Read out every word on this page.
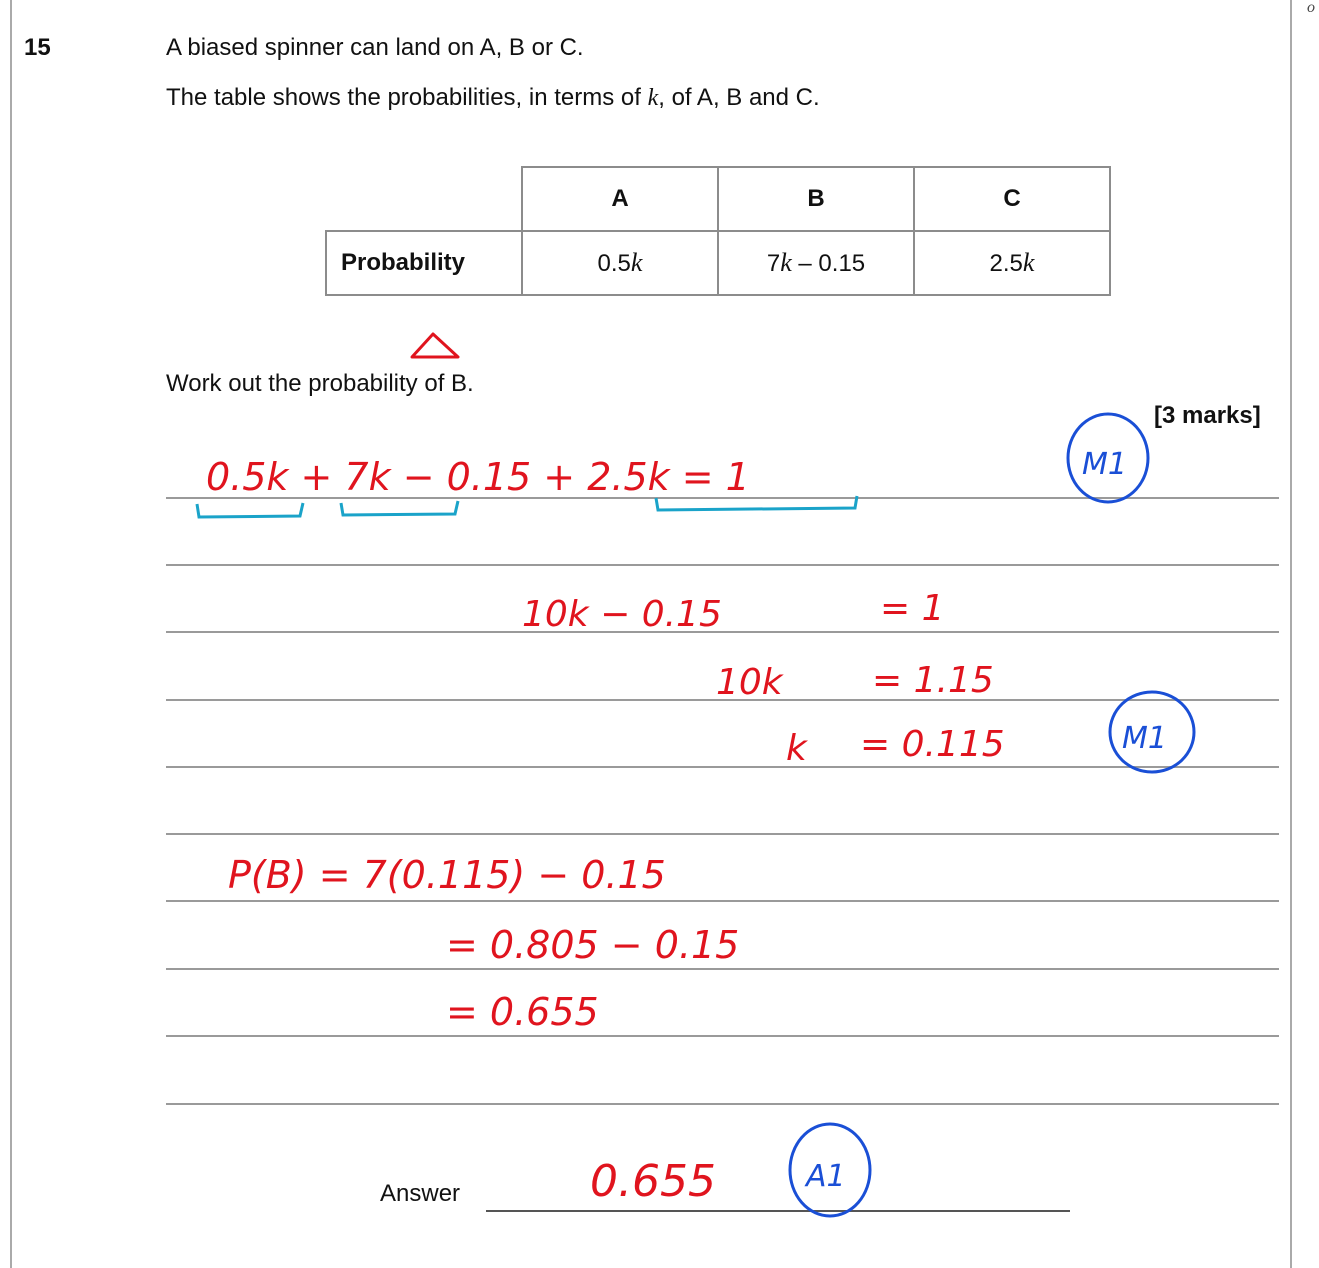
o
15	A biased spinner can land on A, B or C.
The table shows the probabilities, in terms of k, of A, B and C.
	A	B	C
Probability	0.5k	7k – 0.15	2.5k
Work out the probability of B.
[3 marks]
Answer
0.5k + 7k − 0.15 + 2.5k = 1	M1
10k − 0.15	= 1
10k = 1.15
k = 0.115	M1
P(B) = 7(0.115) − 0.15
= 0.805 − 0.15
= 0.655
0.655	A1
